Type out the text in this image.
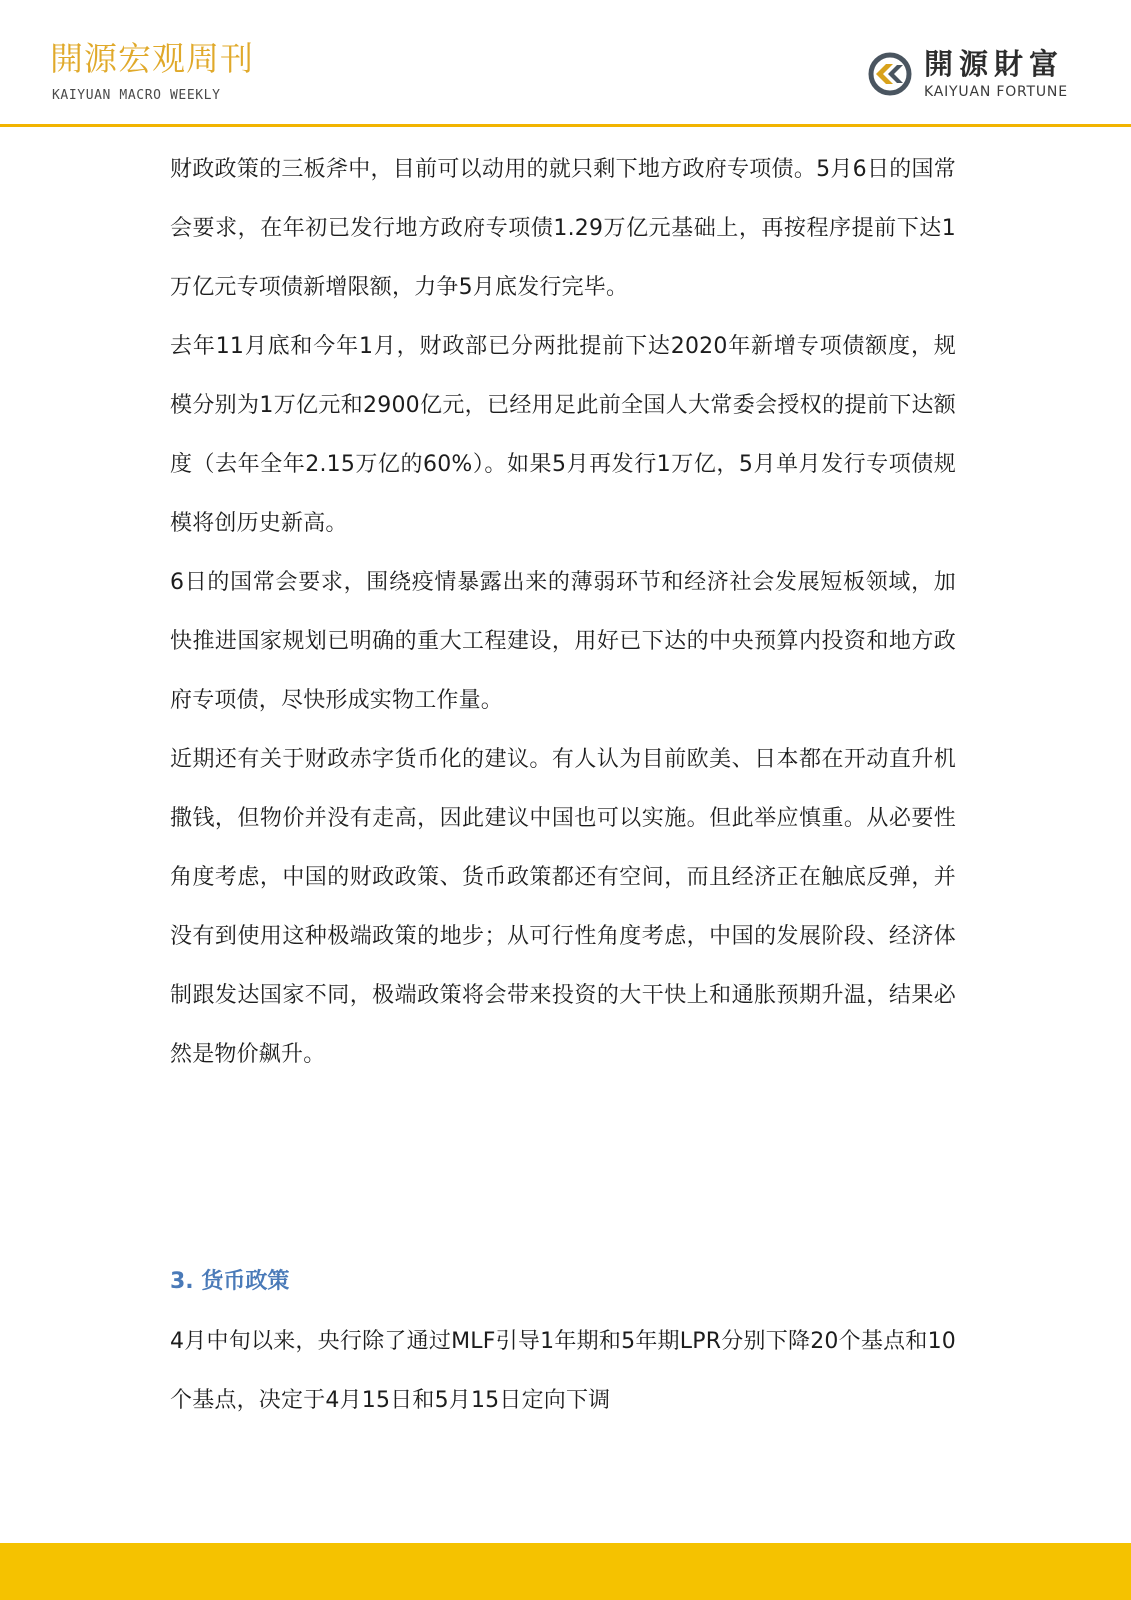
開源宏观周刊
KAIYUAN MACRO WEEKLY
開源財富
KAIYUAN FORTUNE

财政政策的三板斧中，目前可以动用的就只剩下地方政府专项债。5月6日的国常会要求，在年初已发行地方政府专项债1.29万亿元基础上，再按程序提前下达1万亿元专项债新增限额，力争5月底发行完毕。

去年11月底和今年1月，财政部已分两批提前下达2020年新增专项债额度，规模分别为1万亿元和2900亿元，已经用足此前全国人大常委会授权的提前下达额度（去年全年2.15万亿的60%）。如果5月再发行1万亿，5月单月发行专项债规模将创历史新高。

6日的国常会要求，围绕疫情暴露出来的薄弱环节和经济社会发展短板领域，加快推进国家规划已明确的重大工程建设，用好已下达的中央预算内投资和地方政府专项债，尽快形成实物工作量。

近期还有关于财政赤字货币化的建议。有人认为目前欧美、日本都在开动直升机撒钱，但物价并没有走高，因此建议中国也可以实施。但此举应慎重。从必要性角度考虑，中国的财政政策、货币政策都还有空间，而且经济正在触底反弹，并没有到使用这种极端政策的地步；从可行性角度考虑，中国的发展阶段、经济体制跟发达国家不同，极端政策将会带来投资的大干快上和通胀预期升温，结果必然是物价飙升。

3. 货币政策

4月中旬以来，央行除了通过MLF引导1年期和5年期LPR分别下降20个基点和10个基点，决定于4月15日和5月15日定向下调
